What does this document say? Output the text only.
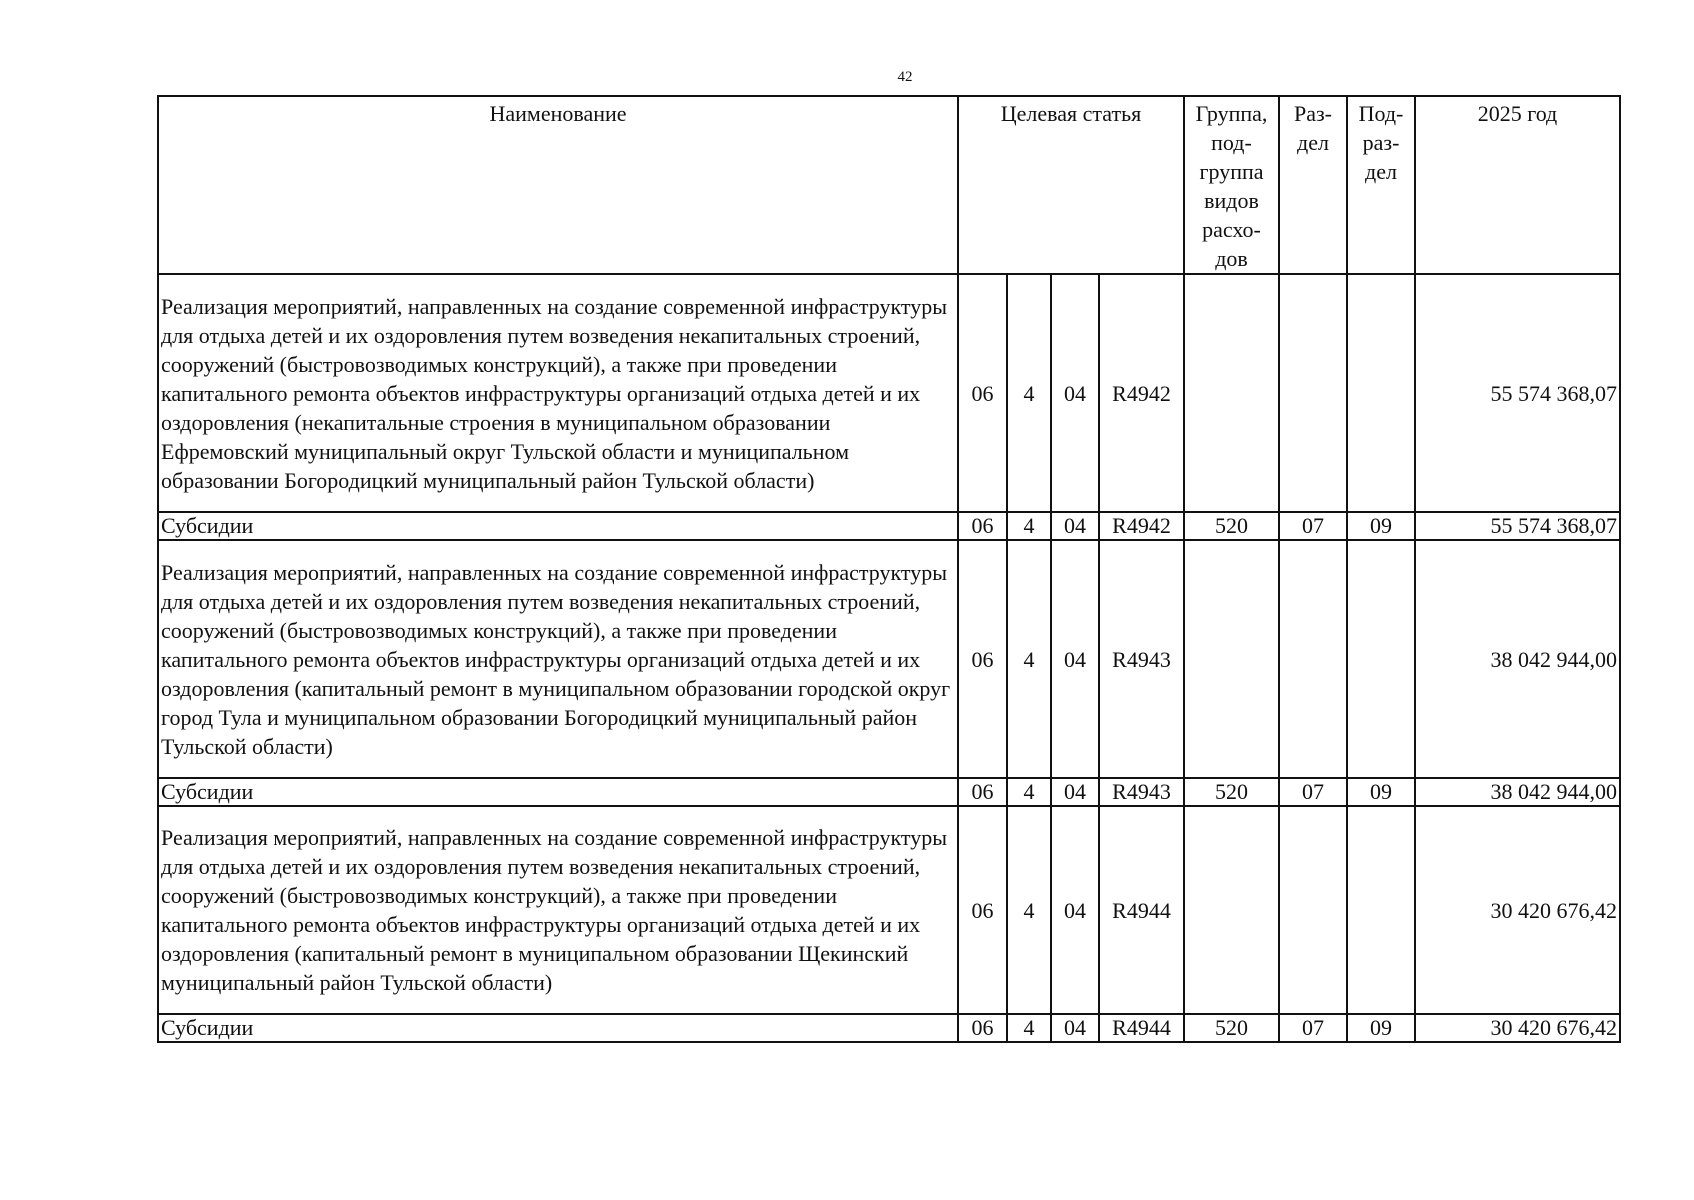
42
Наименование	Целевая статья				Группа, под-группа видов расхо-дов	Раз-дел	Под-раз-дел	2025 год
Реализация мероприятий, направленных на создание современной инфраструктуры для отдыха детей и их оздоровления путем возведения некапитальных строений, сооружений (быстровозводимых конструкций), а также при проведении капитального ремонта объектов инфраструктуры организаций отдыха детей и их оздоровления (некапитальные строения в муниципальном образовании Ефремовский муниципальный округ Тульской области и муниципальном образовании Богородицкий муниципальный район Тульской области)	06	4	04	R4942				55 574 368,07
Субсидии	06	4	04	R4942	520	07	09	55 574 368,07
Реализация мероприятий, направленных на создание современной инфраструктуры для отдыха детей и их оздоровления путем возведения некапитальных строений, сооружений (быстровозводимых конструкций), а также при проведении капитального ремонта объектов инфраструктуры организаций отдыха детей и их оздоровления (капитальный ремонт в муниципальном образовании городской округ город Тула и муниципальном образовании Богородицкий муниципальный район Тульской области)	06	4	04	R4943				38 042 944,00
Субсидии	06	4	04	R4943	520	07	09	38 042 944,00
Реализация мероприятий, направленных на создание современной инфраструктуры для отдыха детей и их оздоровления путем возведения некапитальных строений, сооружений (быстровозводимых конструкций), а также при проведении капитального ремонта объектов инфраструктуры организаций отдыха детей и их оздоровления (капитальный ремонт в муниципальном образовании Щекинский муниципальный район Тульской области)	06	4	04	R4944				30 420 676,42
Субсидии	06	4	04	R4944	520	07	09	30 420 676,42
